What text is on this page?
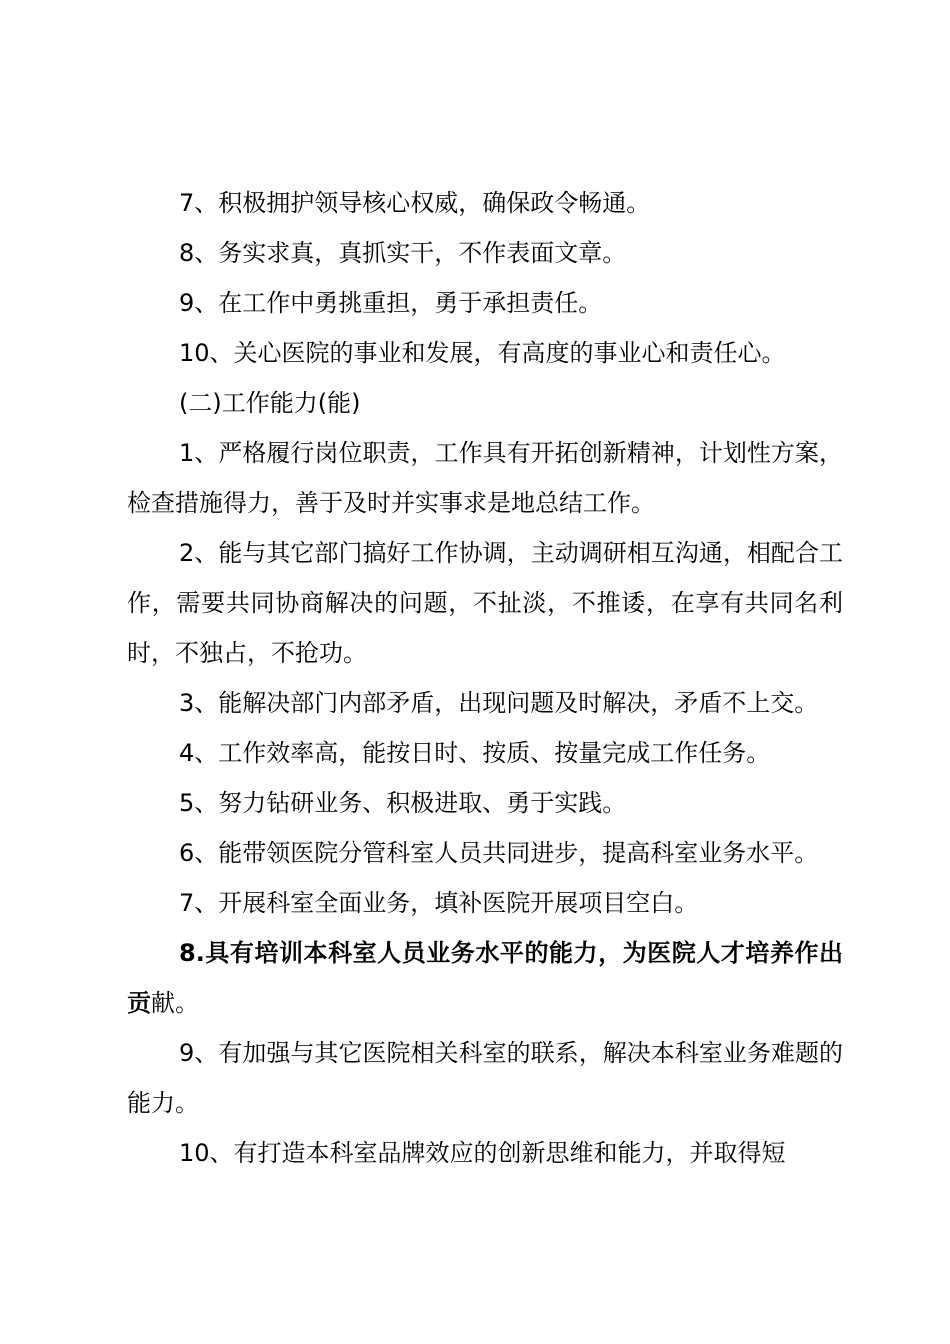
7、积极拥护领导核心权威，确保政令畅通。

8、务实求真，真抓实干，不作表面文章。

9、在工作中勇挑重担，勇于承担责任。

10、关心医院的事业和发展，有高度的事业心和责任心。

(二)工作能力(能)

1、严格履行岗位职责，工作具有开拓创新精神，计划性方案，检查措施得力，善于及时并实事求是地总结工作。

2、能与其它部门搞好工作协调，主动调研相互沟通，相配合工作，需要共同协商解决的问题，不扯淡，不推诿，在享有共同名利时，不独占，不抢功。

3、能解决部门内部矛盾，出现问题及时解决，矛盾不上交。

4、工作效率高，能按日时、按质、按量完成工作任务。

5、努力钻研业务、积极进取、勇于实践。

6、能带领医院分管科室人员共同进步，提高科室业务水平。

7、开展科室全面业务，填补医院开展项目空白。

8.具有培训本科室人员业务水平的能力，为医院人才培养作出贡献。

9、有加强与其它医院相关科室的联系，解决本科室业务难题的能力。

10、有打造本科室品牌效应的创新思维和能力，并取得短
